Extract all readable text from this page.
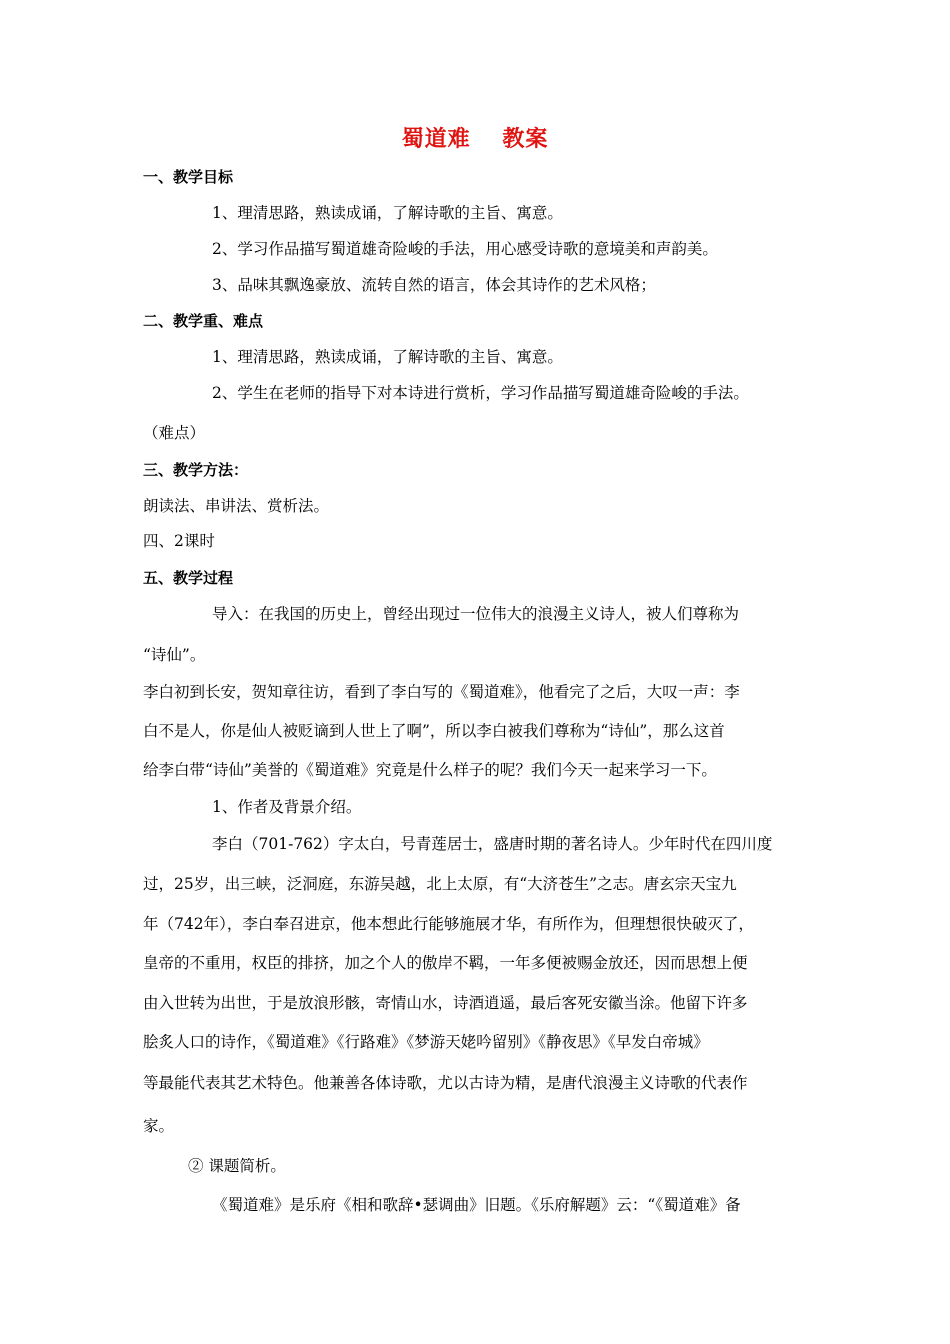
蜀道难　 教案
一、教学目标
1、理清思路，熟读成诵，了解诗歌的主旨、寓意。
2、学习作品描写蜀道雄奇险峻的手法，用心感受诗歌的意境美和声韵美。
3、品味其飘逸豪放、流转自然的语言，体会其诗作的艺术风格；
二、教学重、难点
1、理清思路，熟读成诵，了解诗歌的主旨、寓意。
2、学生在老师的指导下对本诗进行赏析，学习作品描写蜀道雄奇险峻的手法。
（难点）
三、教学方法：
朗读法、串讲法、赏析法。
四、2课时
五、教学过程
导入：在我国的历史上，曾经出现过一位伟大的浪漫主义诗人，被人们尊称为
“诗仙”。
李白初到长安，贺知章往访，看到了李白写的《蜀道难》，他看完了之后，大叹一声：李
白不是人，你是仙人被贬谪到人世上了啊”，所以李白被我们尊称为“诗仙”，那么这首
给李白带“诗仙”美誉的《蜀道难》究竟是什么样子的呢？我们今天一起来学习一下。
1、作者及背景介绍。
李白（701-762）字太白，号青莲居士，盛唐时期的著名诗人。少年时代在四川度
过，25岁，出三峡，泛洞庭，东游吴越，北上太原，有“大济苍生”之志。唐玄宗天宝九
年（742年），李白奉召进京，他本想此行能够施展才华，有所作为，但理想很快破灭了，
皇帝的不重用，权臣的排挤，加之个人的傲岸不羁，一年多便被赐金放还，因而思想上便
由入世转为出世，于是放浪形骸，寄情山水，诗酒逍遥，最后客死安徽当涂。他留下许多
脍炙人口的诗作，《蜀道难》《行路难》《梦游天姥吟留别》《静夜思》《早发白帝城》
等最能代表其艺术特色。他兼善各体诗歌，尤以古诗为精，是唐代浪漫主义诗歌的代表作
家。
② 课题简析。
《蜀道难》是乐府《相和歌辞•瑟调曲》旧题。《乐府解题》云：“《蜀道难》备
